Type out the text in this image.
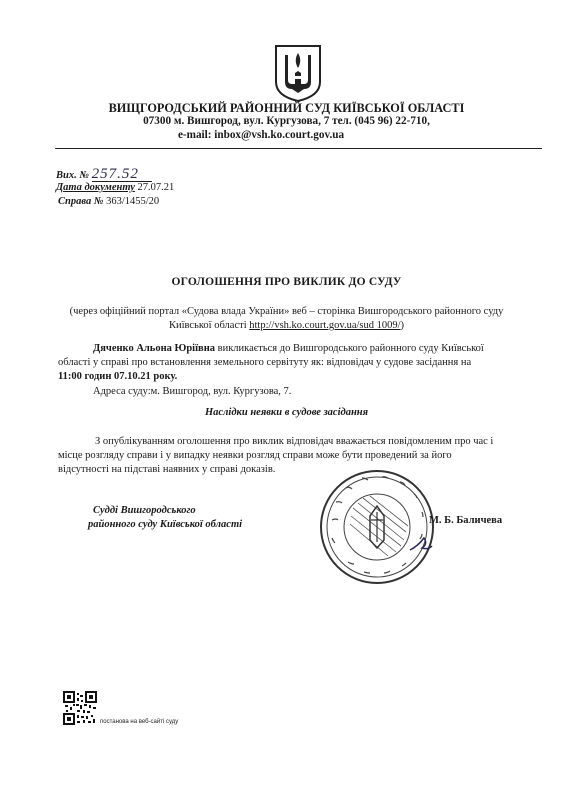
ВИЩГОРОДСЬКИЙ РАЙОННИЙ СУД КИЇВСЬКОЇ ОБЛАСТІ
07300 м. Вишгород, вул. Кургузова, 7 тел. (045 96) 22-710,
e-mail: inbox@vsh.ko.court.gov.ua
Вих. № 257.52
Дата документу 27.07.21
Справа № 363/1455/20
ОГОЛОШЕННЯ ПРО ВИКЛИК ДО СУДУ
(через офіційний портал «Судова влада України» веб – сторінка Вишгородського районного суду
Київської області http://vsh.ko.court.gov.ua/sud 1009/)
Дяченко Альона Юріївна викликається до Вишгородського районного суду Київської
області у справі про встановлення земельного сервітуту як: відповідач у судове засідання на
11:00 годин 07.10.21 року.
Адреса суду:м. Вишгород, вул. Кургузова, 7.
Наслідки неявки в судове засідання
З опублікуванням оголошення про виклик відповідач вважається повідомленим про час і
місце розгляду справи і у випадку неявки розгляд справи може бути проведений за його
відсутності на підставі наявних у справі доказів.
Судді Вишгородського
районного суду Київської області	М. Б. Баличева
постанова на веб-сайті суду
